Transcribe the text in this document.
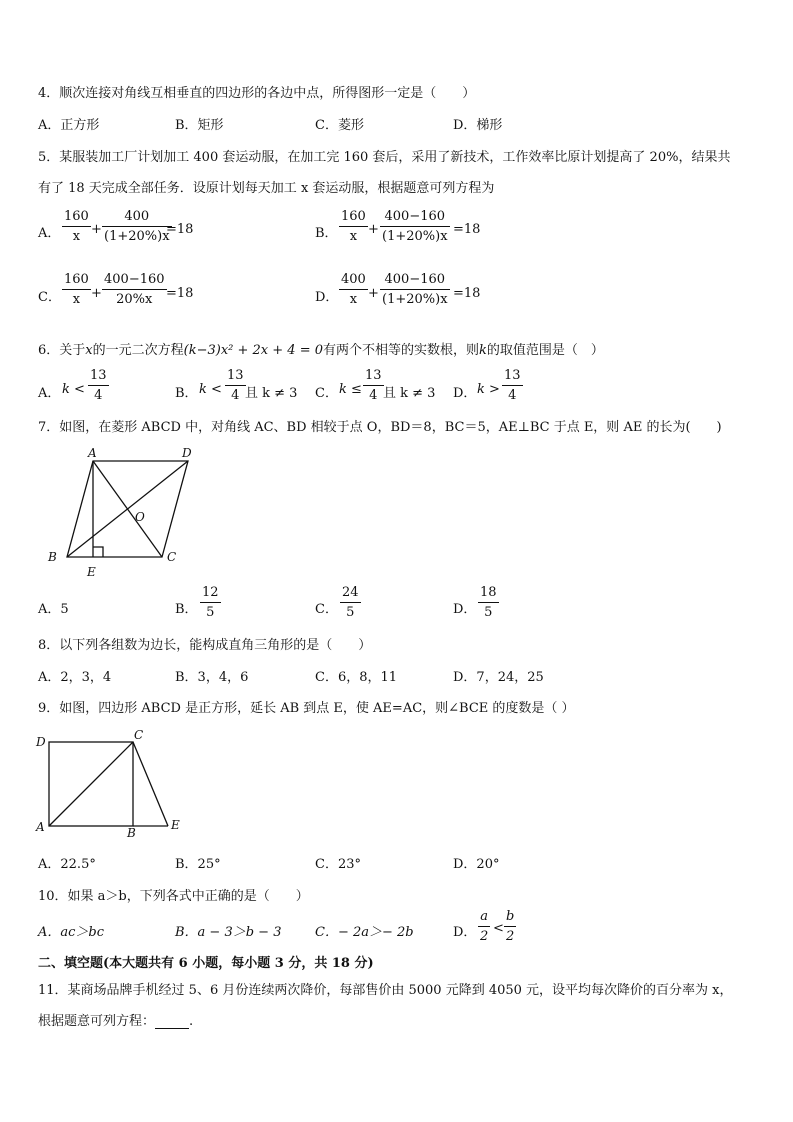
4．顺次连接对角线互相垂直的四边形的各边中点，所得图形一定是（　　）
A．正方形	B．矩形	C．菱形	D．梯形
5．某服装加工厂计划加工 400 套运动服，在加工完 160 套后，采用了新技术，工作效率比原计划提高了 20%，结果共
有了 18 天完成全部任务．设原计划每天加工 x 套运动服，根据题意可列方程为
A．
160
x +
400
(1+20%)x
=18	B．
160
x +
400−160
(1+20%)x =18
C．
160
x +
400−160
20%x =18	D．
400
x +
400−160
(1+20%)x =18
6．关于x的一元二次方程(k−3)x² + 2x + 4 = 0有两个不相等的实数根，则k的取值范围是（　）
A． k <
13
4	B． k <
13
4 且 k ≠ 3 C． k ≤
13
4 且 k ≠ 3 D． k >
13
4
7．如图，在菱形 ABCD 中，对角线 AC、BD 相较于点 O，BD＝8，BC＝5，AE⊥BC 于点 E，则 AE 的长为(　　)
A	D
O
B	C
E
A．5	B．
12
5	C．
24
5	D．
18
5
8．以下列各组数为边长，能构成直角三角形的是（　　）
A．2，3，4	B．3，4，6	C．6，8，11	D．7，24，25
9．如图，四边形 ABCD 是正方形，延长 AB 到点 E，使 AE=AC，则∠BCE 的度数是（ ）
D	C
A	B
E
A．22.5°	B．25°	C．23°	D．20°
10．如果 a＞b，下列各式中正确的是（　　）
A．ac＞bc	B．a − 3＞b − 3	C．− 2a＞− 2b	D．
a
2
<
b
2
二、填空题(本大题共有 6 小题，每小题 3 分，共 18 分)
11．某商场品牌手机经过 5、6 月份连续两次降价，每部售价由 5000 元降到 4050 元，设平均每次降价的百分率为 x，
根据题意可列方程：	.
